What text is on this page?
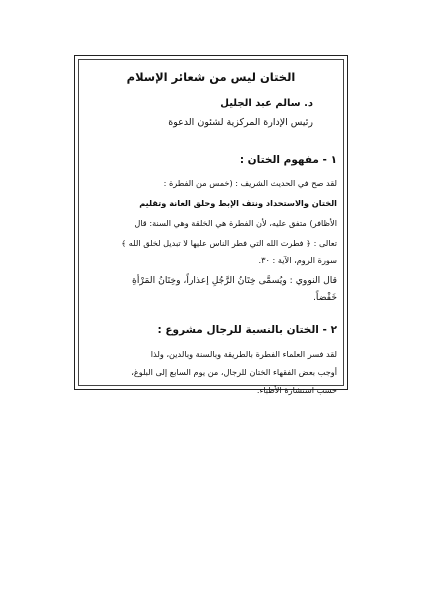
الختان ليس من شعائر الإسلام
د. سالم عبد الجليل
رئيس الإدارة المركزية لشئون الدعوة
١ - مفهوم الختان :
لقد صح في الحديث الشريف : (خمس من الفطرة :
الختان والاستحداد ونتف الإبط وحلق العانة وتقليم
الأظافر) متفق عليه، لأن الفطرة هي الخلقة وهي السنة: قال
تعالى : ﴿ فطرت الله التي فطر الناس عليها لا تبديل لخلق الله ﴾
سورة الروم، الآية : ٣٠.
قال النووي : ويُسمَّى خِتَانُ الرَّجُلِ إعذاراً، وخِتَانُ المَرْأةِ
خَفْضاً.
٢ - الختان بالنسبة للرجال مشروع :
لقد فسر العلماء الفطرة بالطريقة وبالسنة وبالدين، ولذا
أوجب بعض الفقهاء الختان للرجال، من يوم السابع إلى البلوغ،
حسب استشارة الأطباء.
